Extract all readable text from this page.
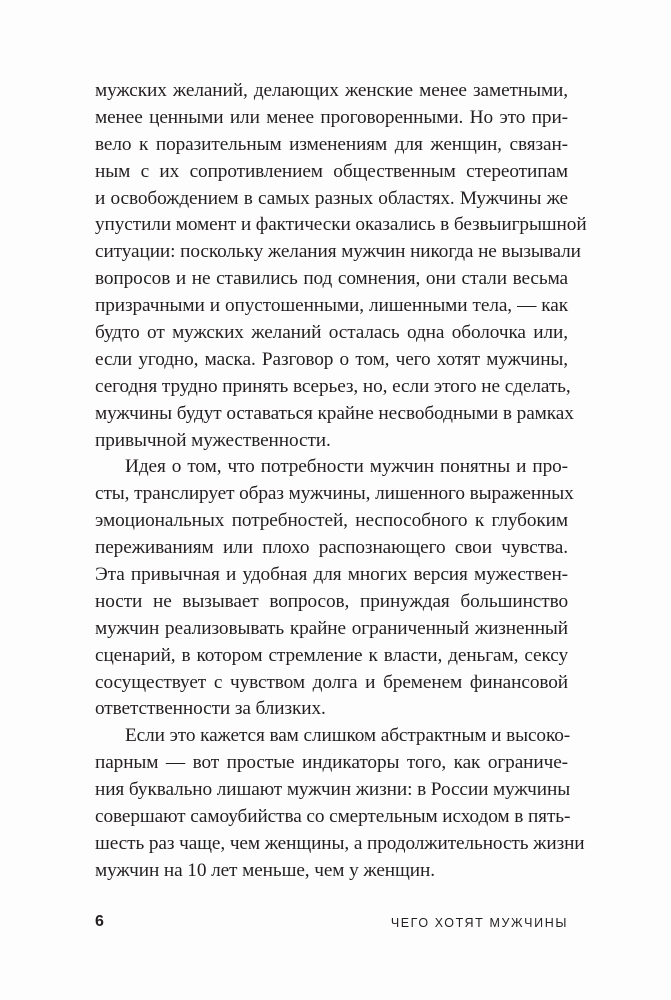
мужских желаний, делающих женские менее заметными,
менее ценными или менее проговоренными. Но это при-
вело к поразительным изменениям для женщин, связан-
ным с их сопротивлением общественным стереотипам
и освобождением в самых разных областях. Мужчины же
упустили момент и фактически оказались в безвыигрышной
ситуации: поскольку желания мужчин никогда не вызывали
вопросов и не ставились под сомнения, они стали весьма
призрачными и опустошенными, лишенными тела, — как
будто от мужских желаний осталась одна оболочка или,
если угодно, маска. Разговор о том, чего хотят мужчины,
сегодня трудно принять всерьез, но, если этого не сделать,
мужчины будут оставаться крайне несвободными в рамках
привычной мужественности.
Идея о том, что потребности мужчин понятны и про-
сты, транслирует образ мужчины, лишенного выраженных
эмоциональных потребностей, неспособного к глубоким
переживаниям или плохо распознающего свои чувства.
Эта привычная и удобная для многих версия мужествен-
ности не вызывает вопросов, принуждая большинство
мужчин реализовывать крайне ограниченный жизненный
сценарий, в котором стремление к власти, деньгам, сексу
сосуществует с чувством долга и бременем финансовой
ответственности за близких.
Если это кажется вам слишком абстрактным и высоко-
парным — вот простые индикаторы того, как ограниче-
ния буквально лишают мужчин жизни: в России мужчины
совершают самоубийства со смертельным исходом в пять-
шесть раз чаще, чем женщины, а продолжительность жизни
мужчин на 10 лет меньше, чем у женщин.
6	ЧЕГО ХОТЯТ МУЖЧИНЫ
